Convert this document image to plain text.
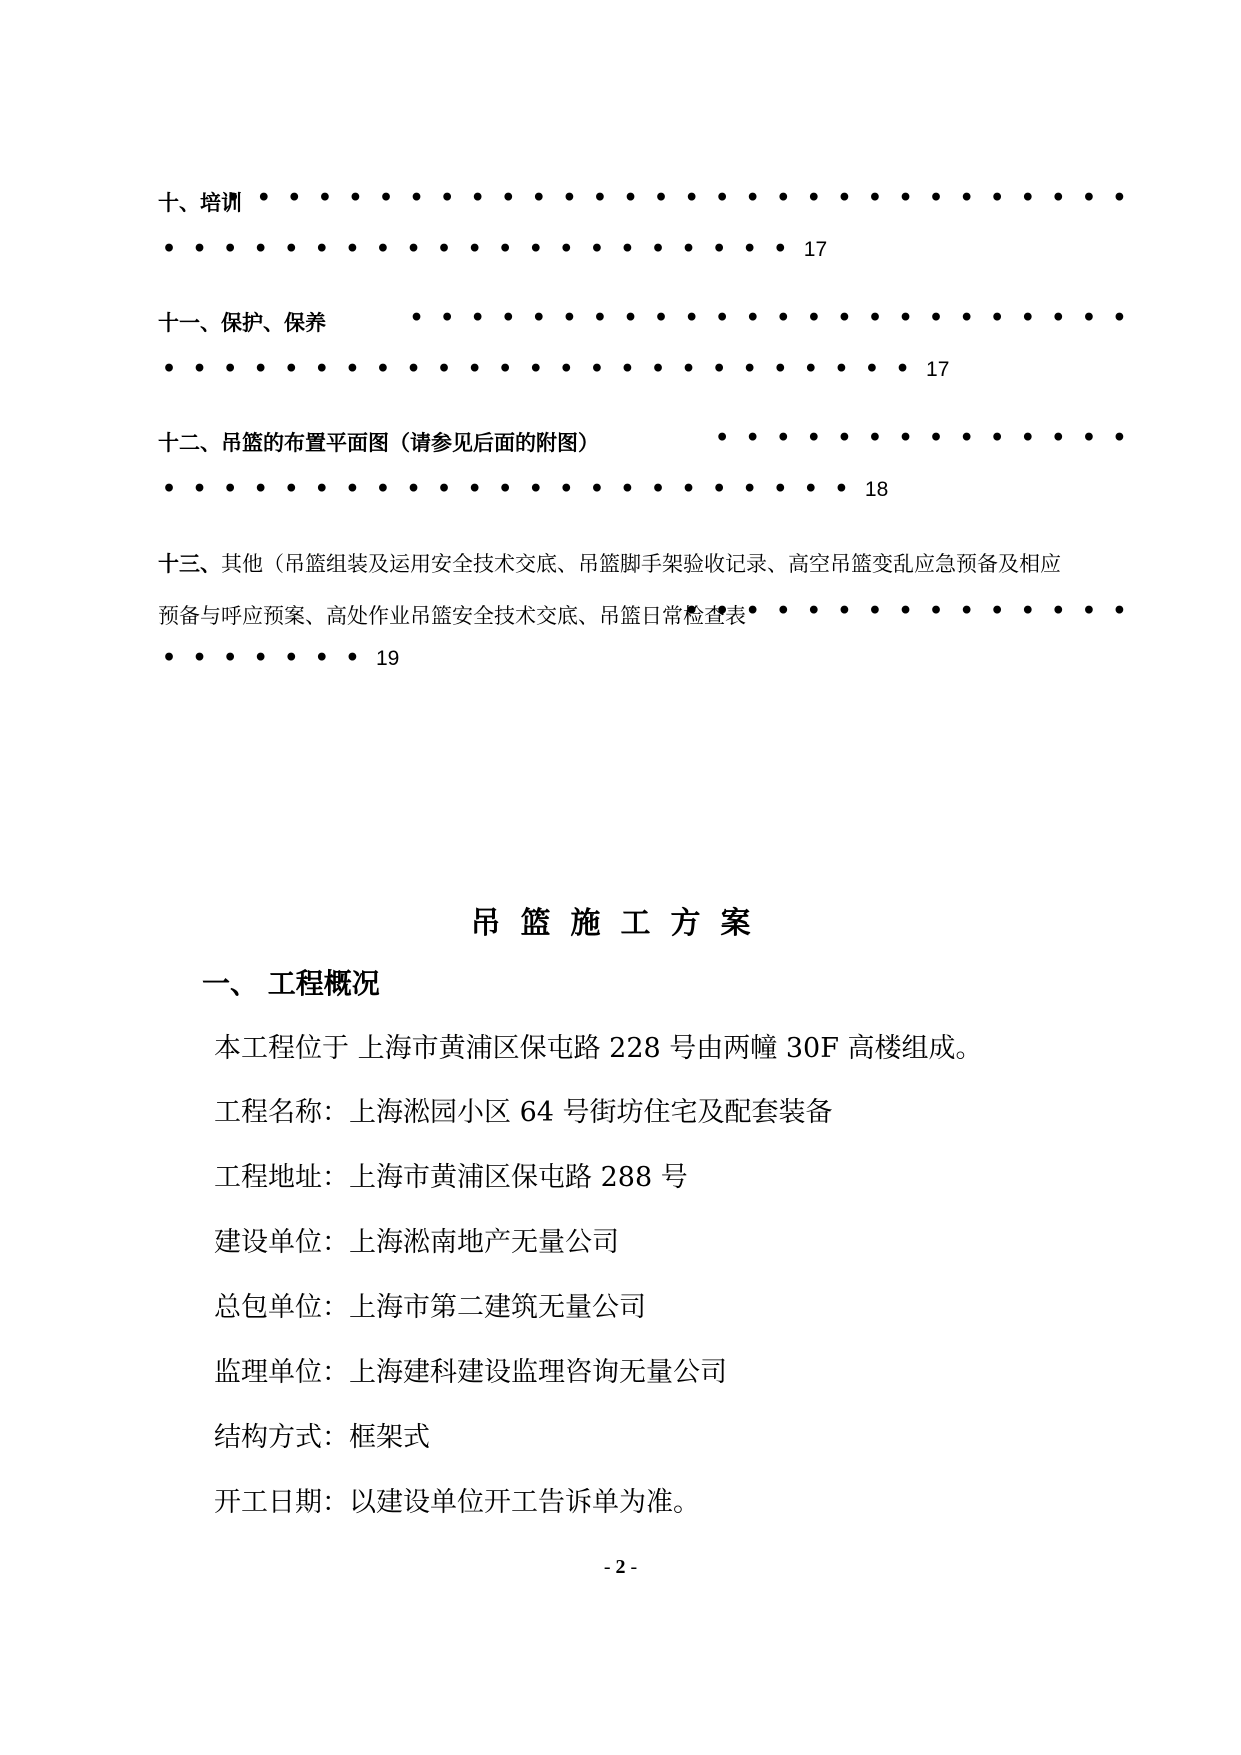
十、培训
••••••••••••••••••••••••••••••
•••••••••••••••••••••17
十一、保护、保养	••••••••••••••••••••••••
•••••••••••••••••••••••••17
十二、吊篮的布置平面图（请参见后面的附图）	••••••••••••••
•••••••••••••••••••••••18
十三、其他（吊篮组装及运用安全技术交底、吊篮脚手架验收记录、高空吊篮变乱应急预备及相应
预备与呼应预案、高处作业吊篮安全技术交底、吊篮日常检查表
•••••••••••••••
•••••••19
吊篮施工方案
一、 工程概况
本工程位于 上海市黄浦区保屯路 228 号由两幢 30F 高楼组成。
工程名称：上海淞园小区 64 号街坊住宅及配套装备
工程地址：上海市黄浦区保屯路 288 号
建设单位：上海淞南地产无量公司
总包单位：上海市第二建筑无量公司
监理单位：上海建科建设监理咨询无量公司
结构方式：框架式
开工日期：以建设单位开工告诉单为准。
- 2 -
